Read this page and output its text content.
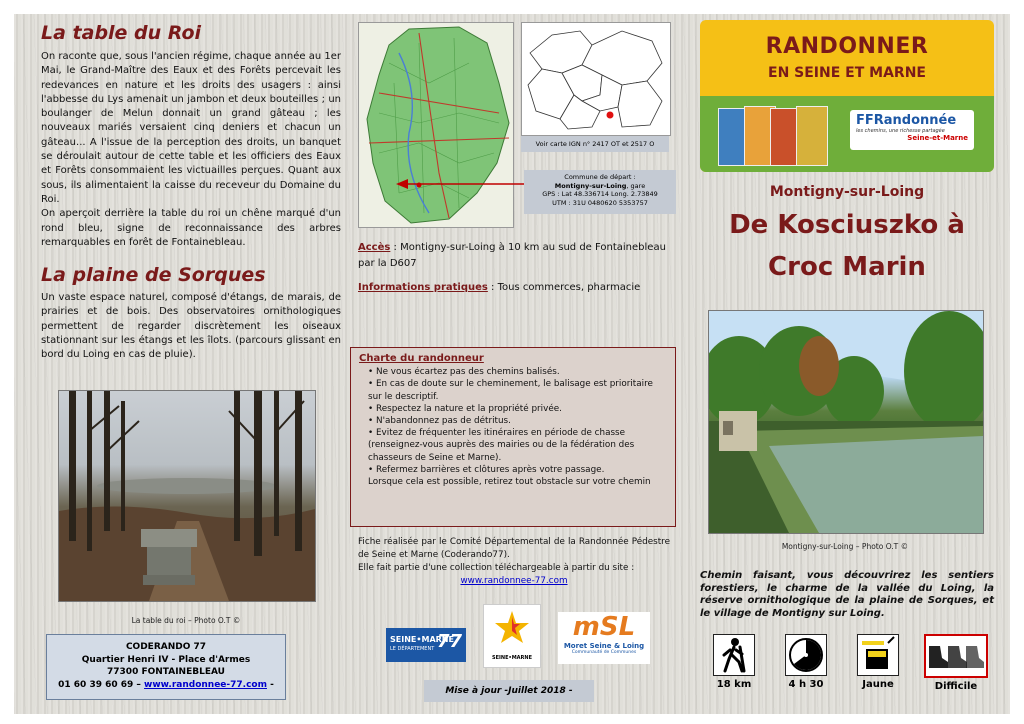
La table du Roi

On raconte que, sous l'ancien régime, chaque année au 1er Mai, le Grand-Maître des Eaux et des Forêts percevait les redevances en nature et les droits des usagers : ainsi l'abbesse du Lys amenait un jambon et deux bouteilles ; un boulanger de Melun donnait un grand gâteau ; les nouveaux mariés versaient cinq deniers et chacun un gâteau... A l'issue de la perception des droits, un banquet se déroulait autour de cette table et les officiers des Eaux et Forêts consommaient les victuailles perçues. Quant aux sous, ils alimentaient la caisse du receveur du Domaine du Roi.

On aperçoit derrière la table du roi un chêne marqué d'un rond bleu, signe de reconnaissance des arbres remarquables en forêt de Fontainebleau.

La plaine de Sorques

Un vaste espace naturel, composé d'étangs, de marais, de prairies et de bois. Des observatoires ornithologiques permettent de regarder discrètement les oiseaux stationnant sur les étangs et les îlots. (parcours glissant en bord du Loing en cas de pluie).

La table du roi – Photo O.T ©
CODERANDO 77
Quartier Henri IV - Place d'Armes
77300 FONTAINEBLEAU
01 60 39 60 69 – www.randonnee-77.com -
Voir carte IGN n° 2417 OT et 2517 O
Commune de départ :
Montigny-sur-Loing, gare
GPS : Lat 48.336714 Long. 2.73849
UTM : 31U 0480620 5353757
Accès : Montigny-sur-Loing à 10 km au sud de Fontainebleau par la D607
Informations pratiques : Tous commerces, pharmacie
Charte du randonneur
• Ne vous écartez pas des chemins balisés.
• En cas de doute sur le cheminement, le balisage est prioritaire sur le descriptif.
• Respectez la nature et la propriété privée.
• N'abandonnez pas de détritus.
• Evitez de fréquenter les itinéraires en période de chasse (renseignez-vous auprès des mairies ou de la fédération des chasseurs de Seine et Marne).
• Refermez barrières et clôtures après votre passage.
Lorsque cela est possible, retirez tout obstacle sur votre chemin
Fiche réalisée par le Comité Départemental de la Randonnée Pédestre de Seine et Marne (Coderando77).
Elle fait partie d'une collection téléchargeable à partir du site :
www.randonnee-77.com
SEINE•MARNE
LE DÉPARTEMENT 77
SEINE•MARNE
mSL
Moret Seine & Loing
Communauté de Communes
Mise à jour -Juillet 2018 -
RANDONNER
EN SEINE ET MARNE
FFRandonnée
les chemins, une richesse partagée
Seine-et-Marne
Montigny-sur-Loing
De Kosciuszko à
Croc Marin
Montigny-sur-Loing – Photo O.T ©

Chemin faisant, vous découvrirez les sentiers forestiers, le charme de la vallée du Loing, la réserve ornithologique de la plaine de Sorques, et le village de Montigny sur Loing.

18 km	4 h 30	Jaune	Difficile
